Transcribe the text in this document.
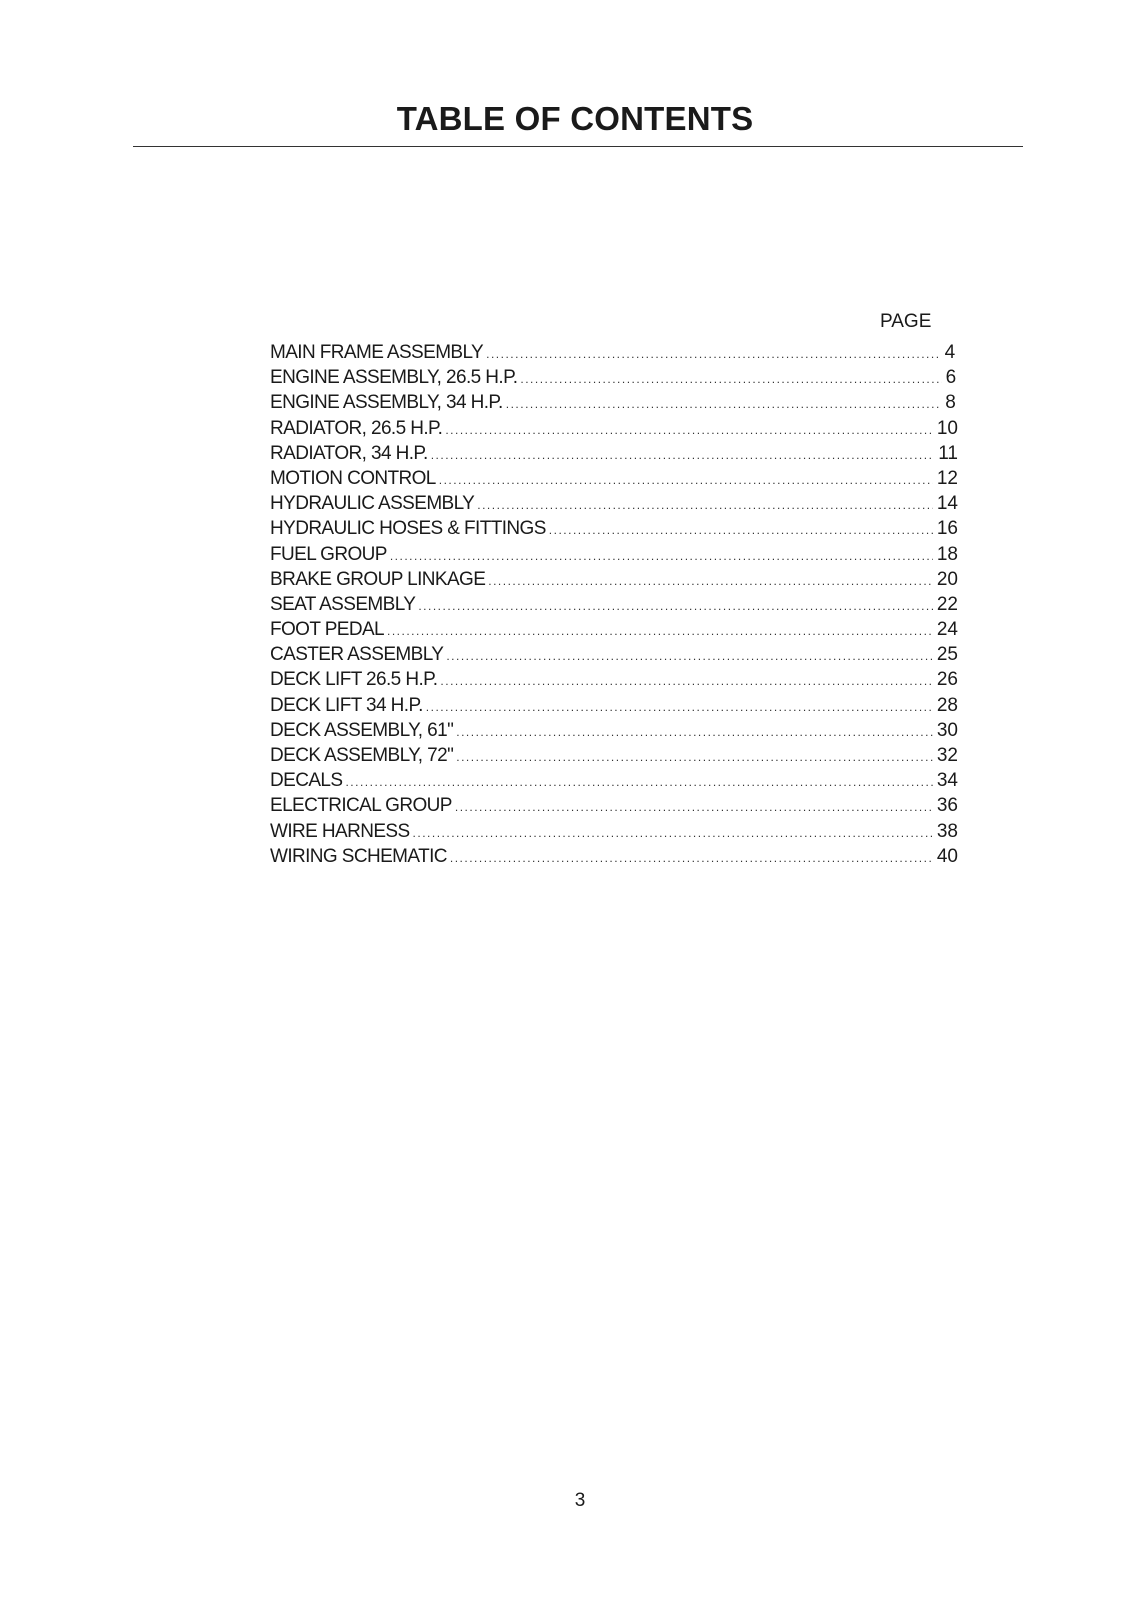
TABLE OF CONTENTS
PAGE
MAIN FRAME ASSEMBLY .....	4
ENGINE ASSEMBLY, 26.5 H.P. .....	6
ENGINE ASSEMBLY, 34 H.P. .....	8
RADIATOR, 26.5 H.P. .....	10
RADIATOR, 34 H.P. .....	11
MOTION CONTROL .....	12
HYDRAULIC ASSEMBLY .....	14
HYDRAULIC HOSES & FITTINGS .....	16
FUEL GROUP .....	18
BRAKE GROUP LINKAGE .....	20
SEAT ASSEMBLY .....	22
FOOT PEDAL .....	24
CASTER ASSEMBLY .....	25
DECK LIFT 26.5 H.P. .....	26
DECK LIFT 34 H.P. .....	28
DECK ASSEMBLY, 61" .....	30
DECK ASSEMBLY, 72" .....	32
DECALS .....	34
ELECTRICAL GROUP .....	36
WIRE HARNESS .....	38
WIRING SCHEMATIC .....	40
3
